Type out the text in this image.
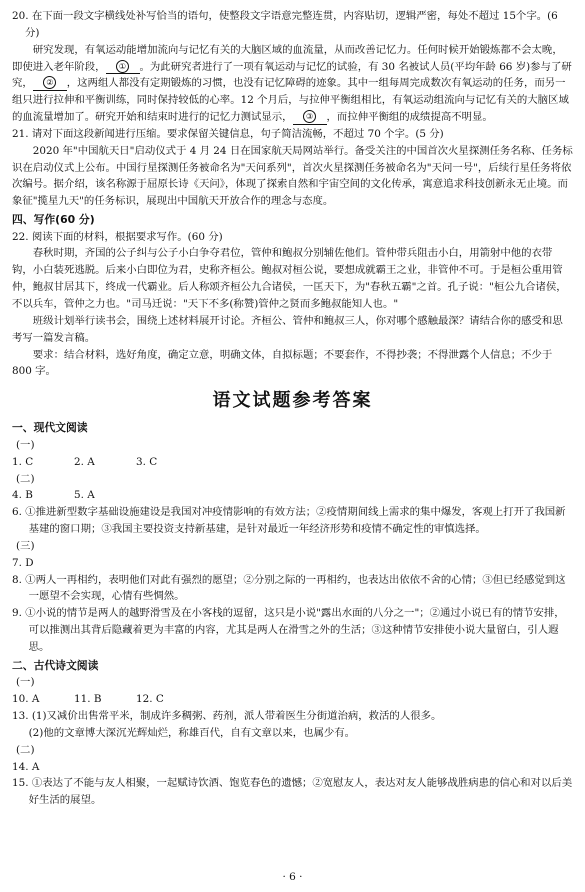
20. 在下面一段文字横线处补写恰当的语句，使整段文字语意完整连贯，内容贴切，逻辑严密，每处不超过 15个字。(6 分)

研究发现，有氧运动能增加流向与记忆有关的大脑区域的血流量，从而改善记忆力。任何时候开始锻炼都不会太晚，即使进入老年阶段， ① 。为此研究者进行了一项有氧运动与记忆的试验，有 30 名被试人员(平均年龄 66 岁)参与了研究， ② ，这两组人都没有定期锻炼的习惯，也没有记忆障碍的迹象。其中一组每周完成数次有氧运动的任务，而另一组只进行拉伸和平衡训练，同时保持较低的心率。12 个月后，与拉伸平衡组相比，有氧运动组流向与记忆有关的大脑区域的血流量增加了。研究开始和结束时进行的记忆力测试显示， ③ ，而拉伸平衡组的成绩提高不明显。

21. 请对下面这段新闻进行压缩。要求保留关键信息，句子简洁流畅，不超过 70 个字。(5 分)

2020 年"中国航天日"启动仪式于 4 月 24 日在国家航天局网站举行。备受关注的中国首次火星探测任务名称、任务标识在启动仪式上公布。中国行星探测任务被命名为"天问系列"，首次火星探测任务被命名为"天问一号"，后续行星任务将依次编号。据介绍，该名称源于屈原长诗《天问》，体现了探索自然和宇宙空间的文化传承，寓意追求科技创新永无止境。而象征"揽星九天"的任务标识，展现出中国航天开放合作的理念与态度。

四、写作(60 分)

22. 阅读下面的材料，根据要求写作。(60 分)

春秋时期，齐国的公子纠与公子小白争夺君位，管仲和鲍叔分别辅佐他们。管仲带兵阻击小白，用箭射中他的衣带钩，小白装死逃脱。后来小白即位为君，史称齐桓公。鲍叔对桓公说，要想成就霸王之业，非管仲不可。于是桓公重用管仲，鲍叔甘居其下，终成一代霸业。后人称颂齐桓公九合诸侯，一匡天下，为"春秋五霸"之首。孔子说："桓公九合诸侯，不以兵车，管仲之力也。"司马迁说："天下不多(称赞)管仲之贤而多鲍叔能知人也。"

班级计划举行读书会，围绕上述材料展开讨论。齐桓公、管仲和鲍叔三人，你对哪个感触最深？请结合你的感受和思考写一篇发言稿。

要求：结合材料，选好角度，确定立意，明确文体，自拟标题；不要套作，不得抄袭；不得泄露个人信息；不少于 800 字。

语文试题参考答案

一、现代文阅读

(一)

1. C	2. A	3. C

(二)

4. B	5. A

6. ①推进新型数字基础设施建设是我国对冲疫情影响的有效方法；②疫情期间线上需求的集中爆发，客观上打开了我国新基建的窗口期；③我国主要投资支持新基建，是针对最近一年经济形势和疫情不确定性的审慎选择。

(三)

7. D

8. ①两人一再相约，表明他们对此有强烈的愿望；②分别之际的一再相约，也表达出依依不舍的心情；③但已经感觉到这一愿望不会实现，心情有些惆然。

9. ①小说的情节是两人的越野滑雪及在小客栈的逗留，这只是小说"露出水面的八分之一"；②通过小说已有的情节安排，可以推测出其背后隐藏着更为丰富的内容，尤其是两人在滑雪之外的生活；③这种情节安排使小说大量留白，引人遐思。

二、古代诗文阅读

(一)

10. A	11. B	12. C

13. (1)又减价出售常平米，制成许多稠粥、药剂，派人带着医生分街道治病，救活的人很多。

(2)他的文章博大深沉光辉灿烂，称雄百代，自有文章以来，也属少有。

(二)

14. A

15. ①表达了不能与友人相聚，一起赋诗饮酒、饱览春色的遗憾；②宽慰友人，表达对友人能够战胜病患的信心和对以后美好生活的展望。

· 6 ·
